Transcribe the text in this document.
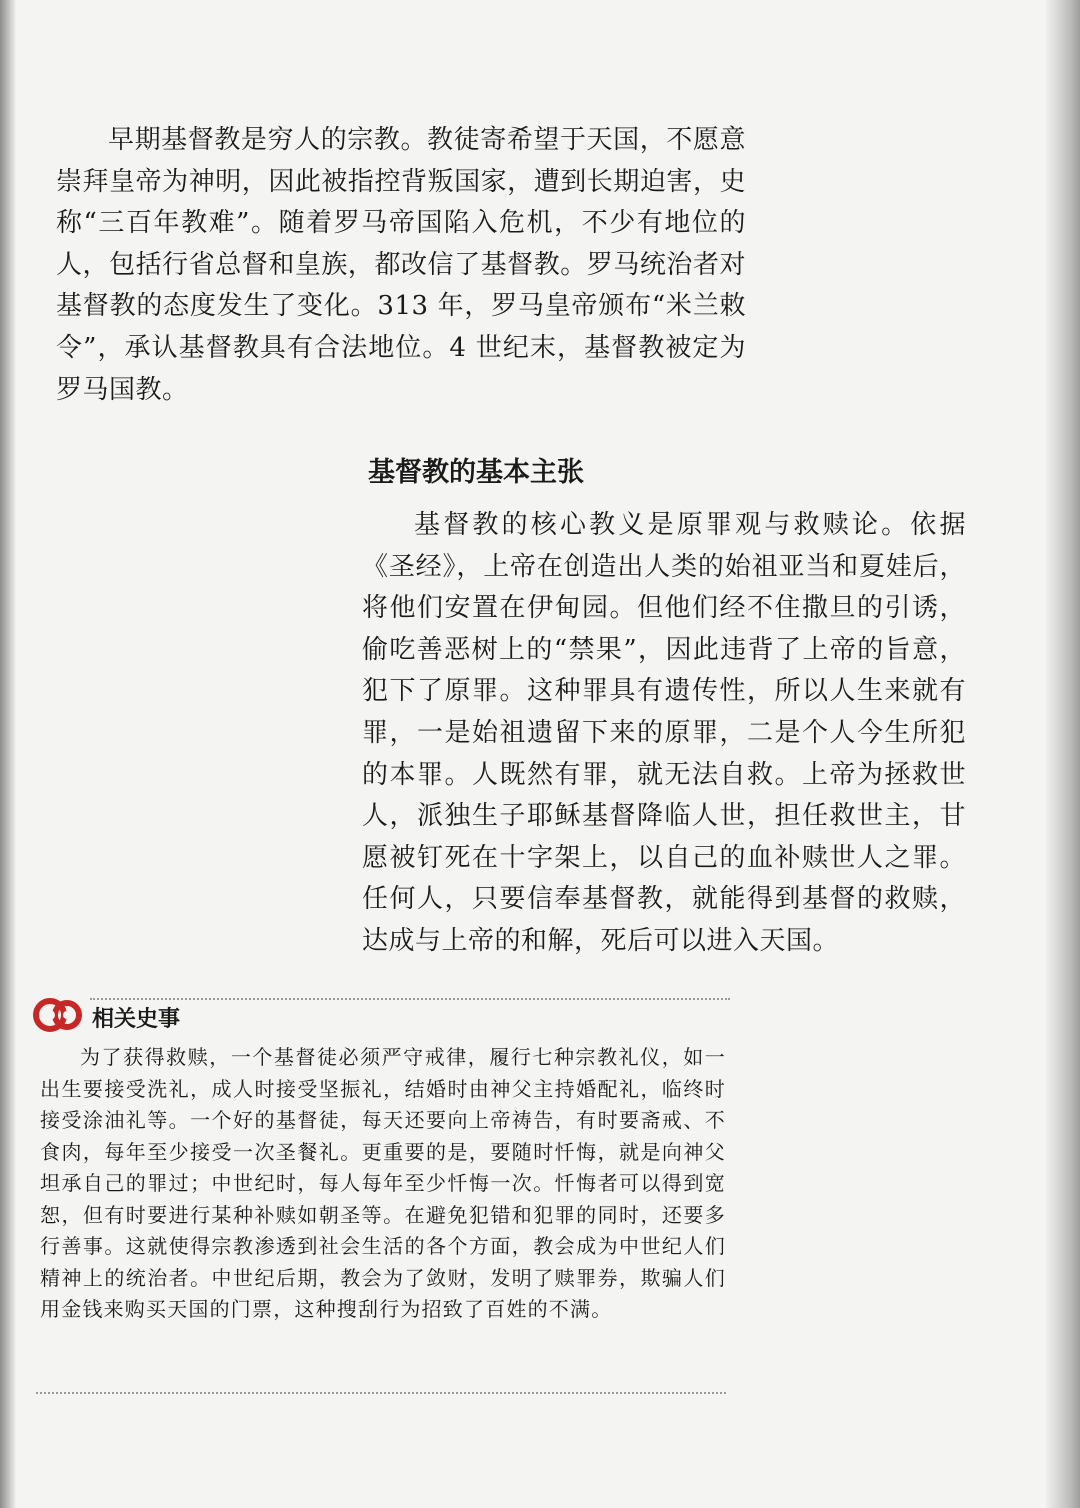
早期基督教是穷人的宗教。教徒寄希望于天国，不愿意崇拜皇帝为神明，因此被指控背叛国家，遭到长期迫害，史称“三百年教难”。随着罗马帝国陷入危机，不少有地位的人，包括行省总督和皇族，都改信了基督教。罗马统治者对基督教的态度发生了变化。313 年，罗马皇帝颁布“米兰敕令”，承认基督教具有合法地位。4 世纪末，基督教被定为罗马国教。

基督教的基本主张

基督教的核心教义是原罪观与救赎论。依据《圣经》，上帝在创造出人类的始祖亚当和夏娃后，将他们安置在伊甸园。但他们经不住撒旦的引诱，偷吃善恶树上的“禁果”，因此违背了上帝的旨意，犯下了原罪。这种罪具有遗传性，所以人生来就有罪，一是始祖遗留下来的原罪，二是个人今生所犯的本罪。人既然有罪，就无法自救。上帝为拯救世人，派独生子耶稣基督降临人世，担任救世主，甘愿被钉死在十字架上，以自己的血补赎世人之罪。任何人，只要信奉基督教，就能得到基督的救赎，达成与上帝的和解，死后可以进入天国。

相关史事

为了获得救赎，一个基督徒必须严守戒律，履行七种宗教礼仪，如一出生要接受洗礼，成人时接受坚振礼，结婚时由神父主持婚配礼，临终时接受涂油礼等。一个好的基督徒，每天还要向上帝祷告，有时要斋戒、不食肉，每年至少接受一次圣餐礼。更重要的是，要随时忏悔，就是向神父坦承自己的罪过；中世纪时，每人每年至少忏悔一次。忏悔者可以得到宽恕，但有时要进行某种补赎如朝圣等。在避免犯错和犯罪的同时，还要多行善事。这就使得宗教渗透到社会生活的各个方面，教会成为中世纪人们精神上的统治者。中世纪后期，教会为了敛财，发明了赎罪券，欺骗人们用金钱来购买天国的门票，这种搜刮行为招致了百姓的不满。
